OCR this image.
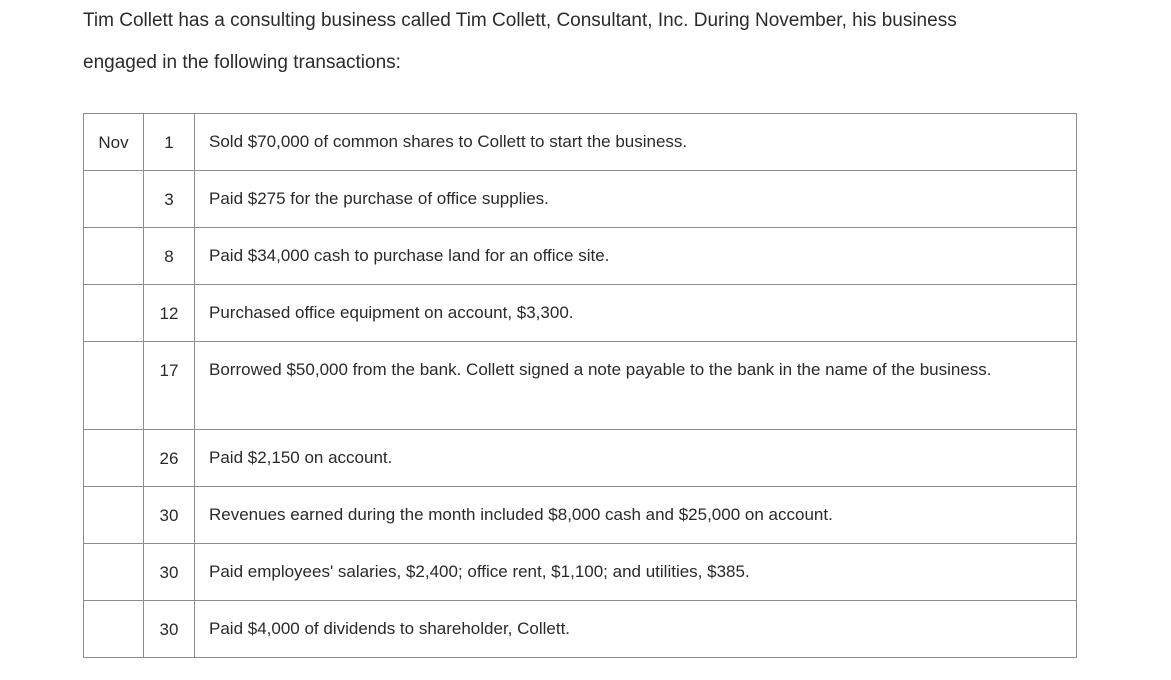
Tim Collett has a consulting business called Tim Collett, Consultant, Inc. During November, his business

engaged in the following transactions:

Nov	1	Sold $70,000 of common shares to Collett to start the business.

	3	Paid $275 for the purchase of office supplies.

	8	Paid $34,000 cash to purchase land for an office site.

	12	Purchased office equipment on account, $3,300.

	17	Borrowed $50,000 from the bank. Collett signed a note payable to the bank in the name of the business.

	26	Paid $2,150 on account.

	30	Revenues earned during the month included $8,000 cash and $25,000 on account.

	30	Paid employees' salaries, $2,400; office rent, $1,100; and utilities, $385.

	30	Paid $4,000 of dividends to shareholder, Collett.
